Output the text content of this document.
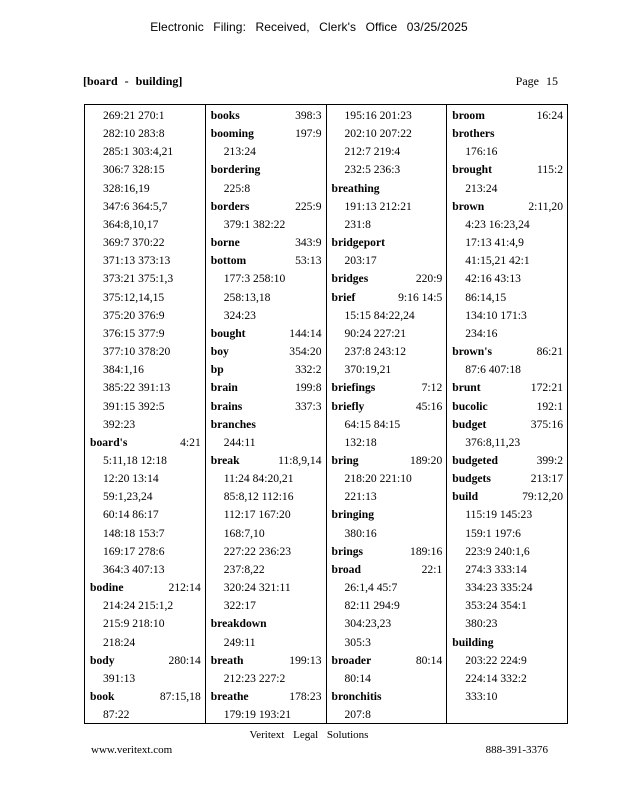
Electronic Filing: Received, Clerk's Office 03/25/2025
[board - building]	Page 15
269:21 270:1
282:10 283:8
285:1 303:4,21
306:7 328:15
328:16,19
347:6 364:5,7
364:8,10,17
369:7 370:22
371:13 373:13
373:21 375:1,3
375:12,14,15
375:20 376:9
376:15 377:9
377:10 378:20
384:1,16
385:22 391:13
391:15 392:5
392:23
board's	4:21
5:11,18 12:18
12:20 13:14
59:1,23,24
60:14 86:17
148:18 153:7
169:17 278:6
364:3 407:13
bodine	212:14
214:24 215:1,2
215:9 218:10
218:24
body	280:14
391:13
book	87:15,18
87:22
books	398:3
booming	197:9
213:24
bordering
225:8
borders	225:9
379:1 382:22
borne	343:9
bottom	53:13
177:3 258:10
258:13,18
324:23
bought	144:14
boy	354:20
bp	332:2
brain	199:8
brains	337:3
branches
244:11
break	11:8,9,14
11:24 84:20,21
85:8,12 112:16
112:17 167:20
168:7,10
227:22 236:23
237:8,22
320:24 321:11
322:17
breakdown
249:11
breath	199:13
212:23 227:2
breathe	178:23
179:19 193:21
195:16 201:23
202:10 207:22
212:7 219:4
232:5 236:3
breathing
191:13 212:21
231:8
bridgeport
203:17
bridges	220:9
brief	9:16 14:5
15:15 84:22,24
90:24 227:21
237:8 243:12
370:19,21
briefings	7:12
briefly	45:16
64:15 84:15
132:18
bring	189:20
218:20 221:10
221:13
bringing
380:16
brings	189:16
broad	22:1
26:1,4 45:7
82:11 294:9
304:23,23
305:3
broader	80:14
80:14
bronchitis
207:8
broom	16:24
brothers
176:16
brought	115:2
213:24
brown	2:11,20
4:23 16:23,24
17:13 41:4,9
41:15,21 42:1
42:16 43:13
86:14,15
134:10 171:3
234:16
brown's	86:21
87:6 407:18
brunt	172:21
bucolic	192:1
budget	375:16
376:8,11,23
budgeted	399:2
budgets	213:17
build	79:12,20
115:19 145:23
159:1 197:6
223:9 240:1,6
274:3 333:14
334:23 335:24
353:24 354:1
380:23
building
203:22 224:9
224:14 332:2
333:10
Veritext Legal Solutions
www.veritext.com	888-391-3376
